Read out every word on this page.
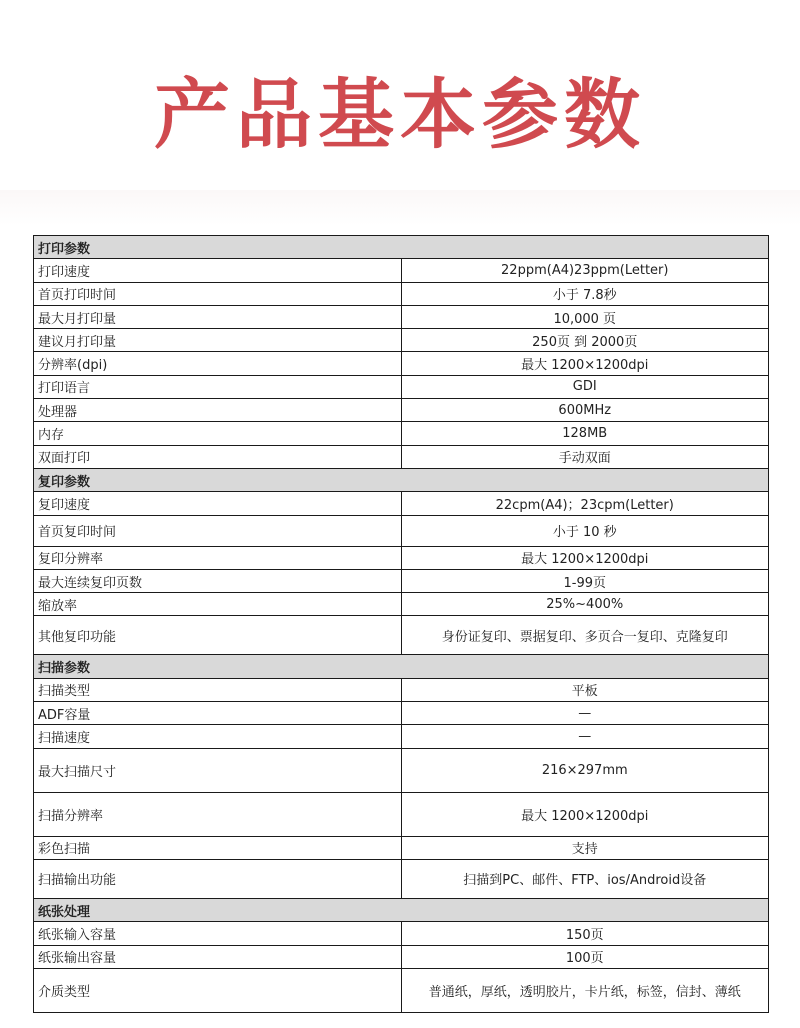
产品基本参数
打印参数	
打印速度	22ppm(A4)23ppm(Letter)
首页打印时间	小于 7.8秒
最大月打印量	10,000 页
建议月打印量	250页 到 2000页
分辨率(dpi)	最大 1200×1200dpi
打印语言	GDI
处理器	600MHz
内存	128MB
双面打印	手动双面
复印参数	
复印速度	22cpm(A4)；23cpm(Letter)
首页复印时间	小于 10 秒
复印分辨率	最大 1200×1200dpi
最大连续复印页数	1-99页
缩放率	25%~400%
其他复印功能	身份证复印、票据复印、多页合一复印、克隆复印
扫描参数	
扫描类型	平板
ADF容量	—
扫描速度	—
最大扫描尺寸	216×297mm
扫描分辨率	最大 1200×1200dpi
彩色扫描	支持
扫描输出功能	扫描到PC、邮件、FTP、ios/Android设备
纸张处理	
纸张输入容量	150页
纸张输出容量	100页
介质类型	普通纸，厚纸，透明胶片，卡片纸，标签，信封、薄纸
